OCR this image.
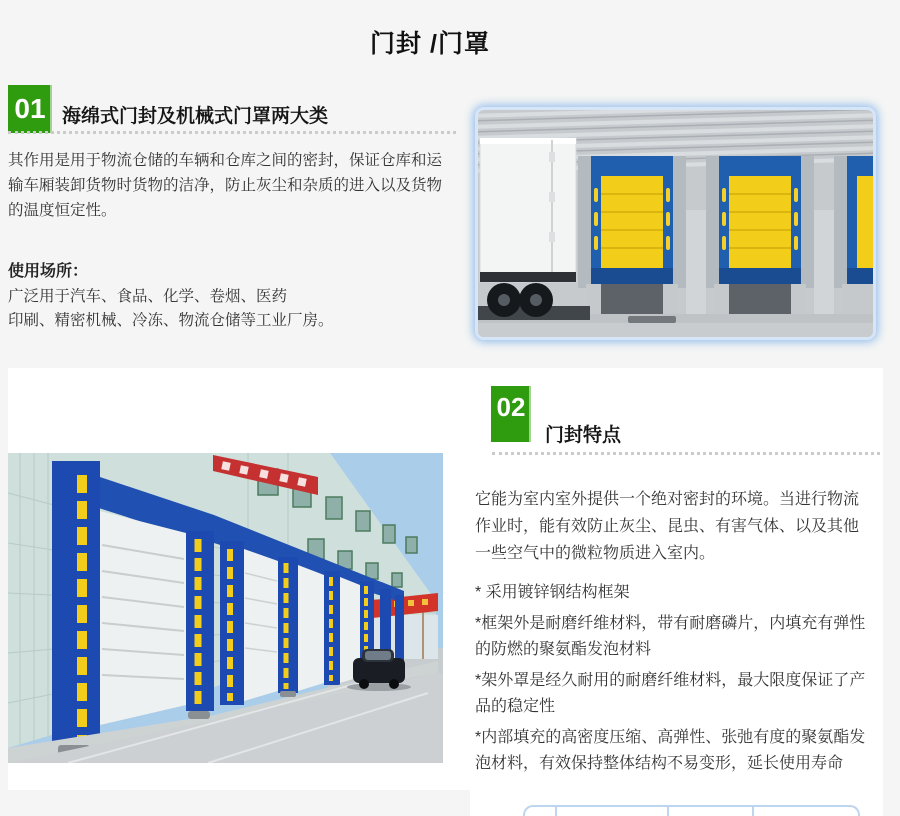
门封 /门罩
01 海绵式门封及机械式门罩两大类
其作用是用于物流仓储的车辆和仓库之间的密封，保证仓库和运输车厢装卸货物时货物的洁净，防止灰尘和杂质的进入以及货物的温度恒定性。
使用场所：
广泛用于汽车、食品、化学、卷烟、医药
印刷、精密机械、冷冻、物流仓储等工业厂房。
02
门封特点

它能为室内室外提供一个绝对密封的环境。当进行物流作业时，能有效防止灰尘、昆虫、有害气体、以及其他一些空气中的微粒物质进入室内。

* 采用镀锌钢结构框架

*框架外是耐磨纤维材料，带有耐磨磷片，内填充有弹性的防燃的聚氨酯发泡材料

*架外罩是经久耐用的耐磨纤维材料，最大限度保证了产品的稳定性

*内部填充的高密度压缩、高弹性、张弛有度的聚氨酯发泡材料，有效保持整体结构不易变形，延长使用寿命
